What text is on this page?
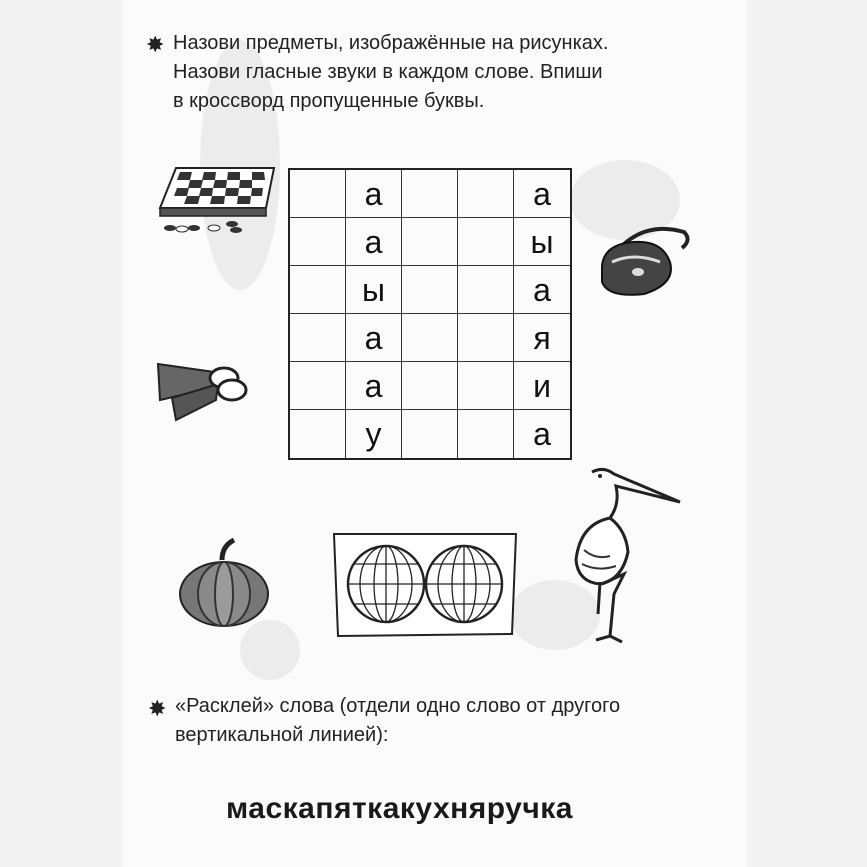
✸ Назови предметы, изображённые на рисунках.
Назови гласные звуки в каждом слове. Впиши
в кроссворд пропущенные буквы.
а	а
а	ы
ы	а
а	я
а	и
у	а
✸ «Расклей» слова (отдели одно слово от другого
вертикальной линией):
маскапяткакухняручка
